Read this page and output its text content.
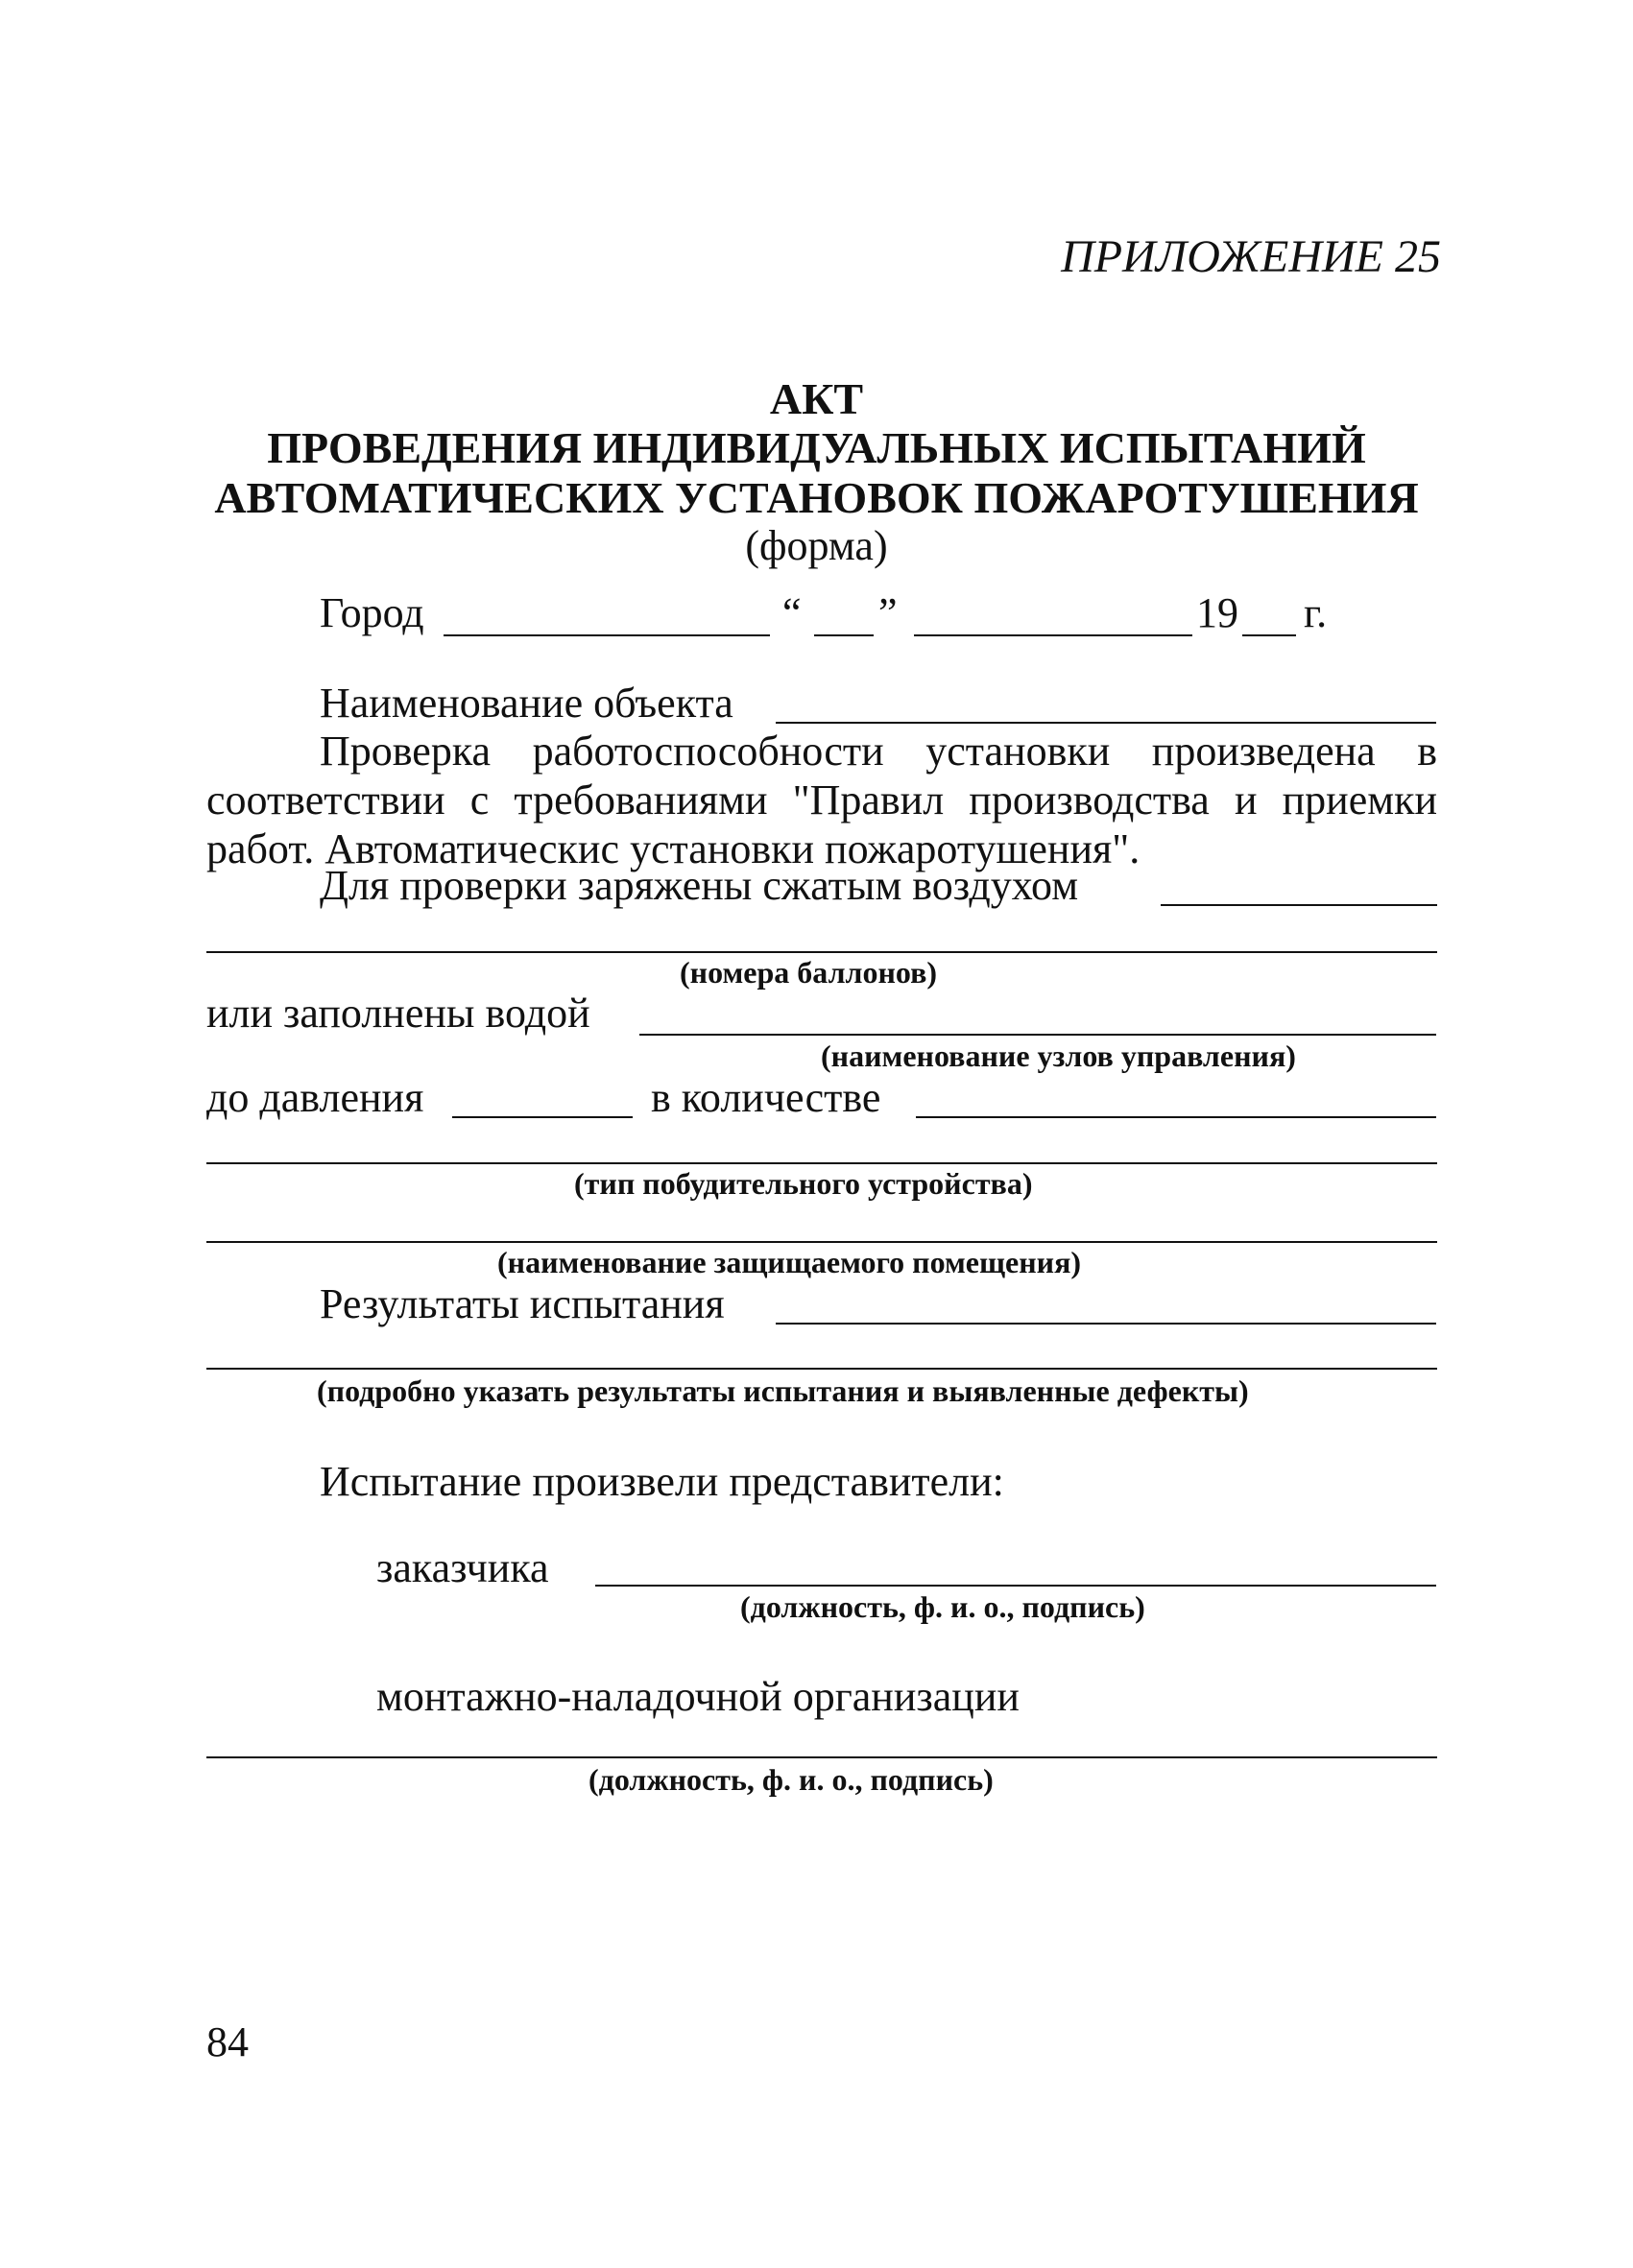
ПРИЛОЖЕНИЕ 25
АКТ
ПРОВЕДЕНИЯ ИНДИВИДУАЛЬНЫХ ИСПЫТАНИЙ
АВТОМАТИЧЕСКИХ УСТАНОВОК ПОЖАРОТУШЕНИЯ
(форма)
Город	“ ”	19 г.
Наименование объекта

Проверка работоспособности установки произведена в соответствии с требованиями "Правил производства и приемки работ. Автоматическис установки пожаротушения".

Для проверки заряжены сжатым воздухом
(номера баллонов)
или заполнены водой
(наименование узлов управления)
до давления	в количестве
(тип побудительного устройства)
(наименование защищаемого помещения)
Результаты испытания
(подробно указать результаты испытания и выявленные дефекты)
Испытание произвели представители:
заказчика
(должность, ф. и. о., подпись)
монтажно-наладочной организации
(должность, ф. и. о., подпись)
84
